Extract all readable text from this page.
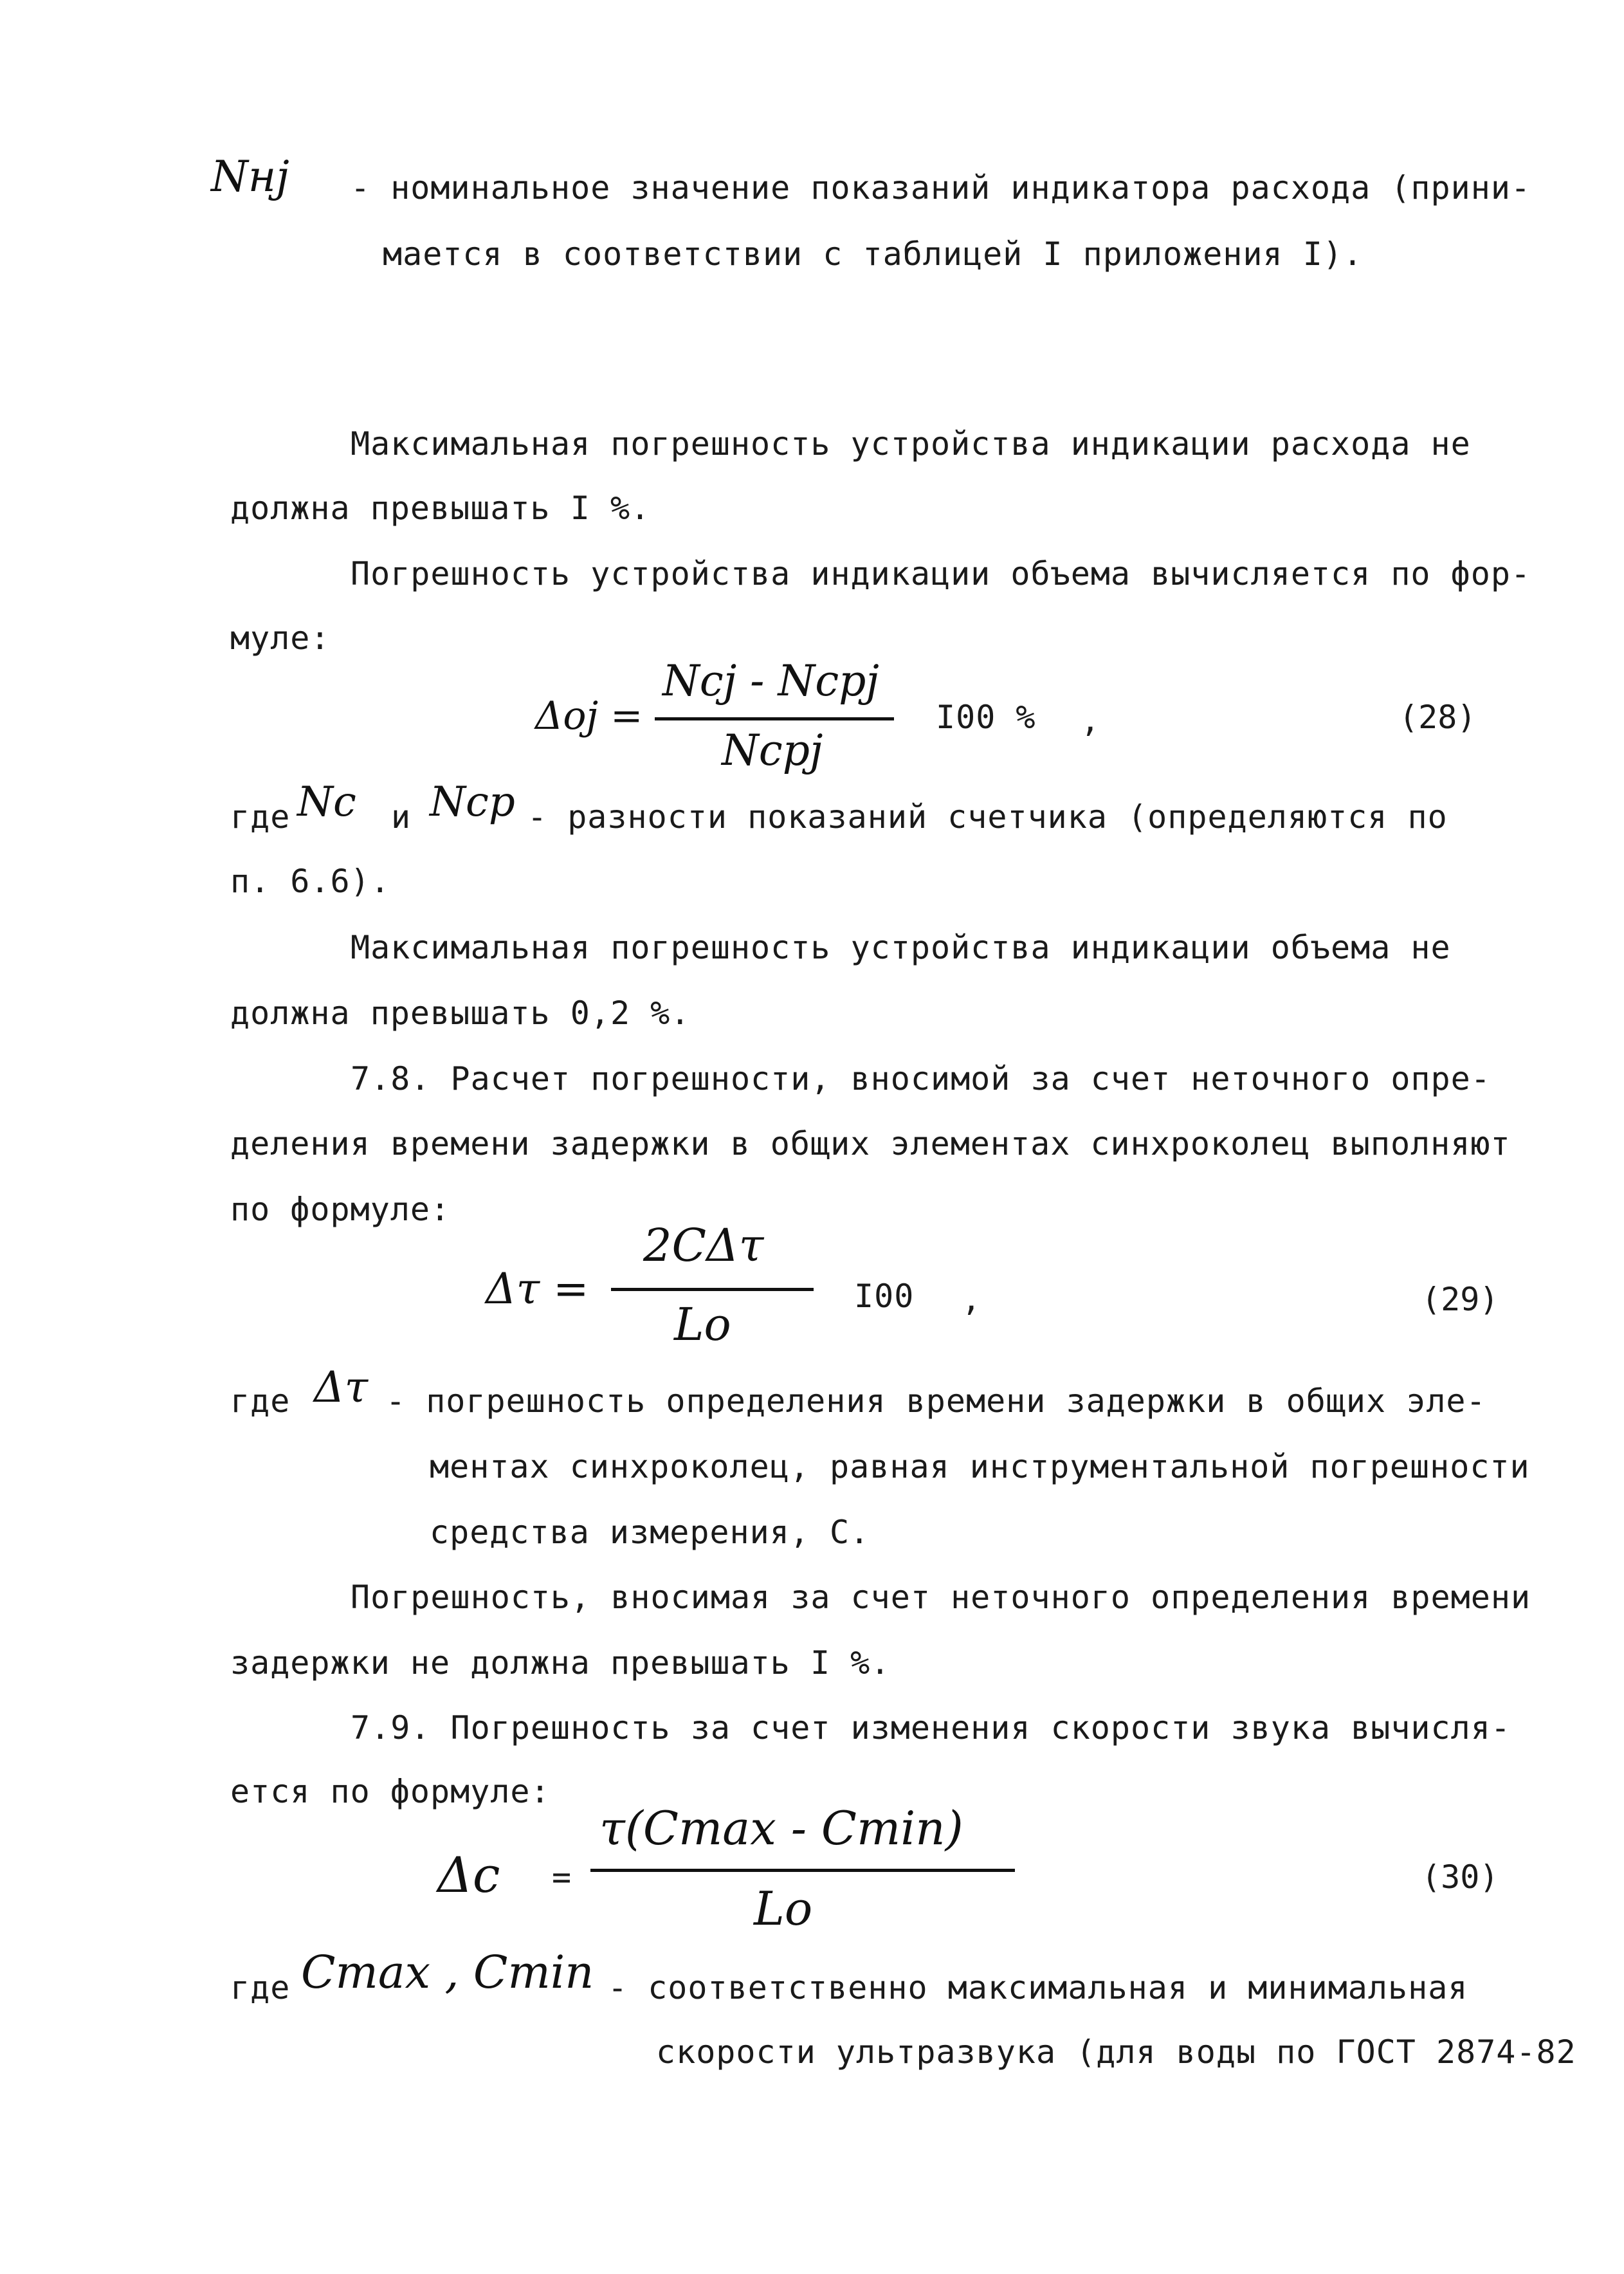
Nнj - номинальное значение показаний индикатора расхода (прини-
мается в соответствии с таблицей I приложения I).
Максимальная погрешность устройства индикации расхода не
должна превышать I %.
Погрешность устройства индикации объема вычисляется по фор-
муле:
Δoj =
Ncj - Ncpj
Ncpj
I00 % ,	(28)
где Nc и Ncp - разности показаний счетчика (определяются по
п. 6.6).
Максимальная погрешность устройства индикации объема не
должна превышать 0,2 %.
7.8. Расчет погрешности, вносимой за счет неточного опре-
деления времени задержки в общих элементах синхроколец выполняют
по формуле:
Δτ =
2CΔτ
Lo
I00 ,	(29)
где Δτ - погрешность определения времени задержки в общих эле-
ментах синхроколец, равная инструментальной погрешности
средства измерения, С.
Погрешность, вносимая за счет неточного определения времени
задержки не должна превышать I %.
7.9. Погрешность за счет изменения скорости звука вычисля-
ется по формуле:
Δc =
τ(Cmax - Cmin)
Lo
(30)
где Cmax , Cmin - соответственно максимальная и минимальная
скорости ультразвука (для воды по ГОСТ 2874-82
